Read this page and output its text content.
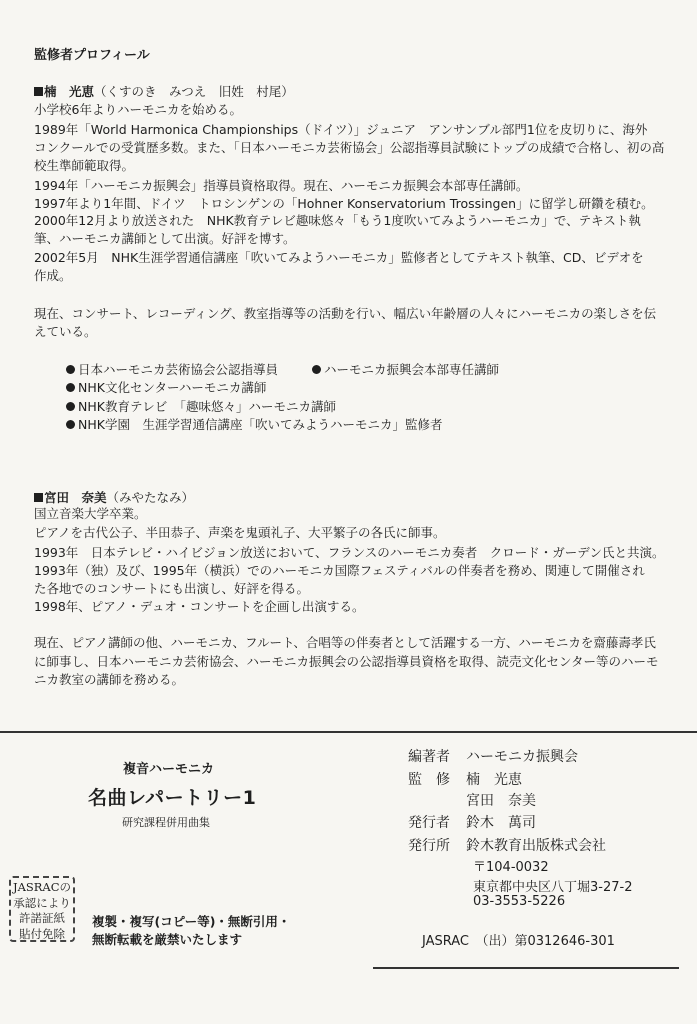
監修者プロフィール
楠　光恵（くすのき　みつえ　旧姓　村尾）
小学校6年よりハーモニカを始める。
1989年「World Harmonica Championships（ドイツ）」ジュニア　アンサンブル部門1位を皮切りに、海外
コンクールでの受賞歴多数。また、「日本ハーモニカ芸術協会」公認指導員試験にトップの成績で合格し、初の高
校生準師範取得。
1994年「ハーモニカ振興会」指導員資格取得。現在、ハーモニカ振興会本部専任講師。
1997年より1年間、ドイツ　トロシンゲンの「Hohner Konservatorium Trossingen」に留学し研鑽を積む。
2000年12月より放送された　NHK教育テレビ趣味悠々「もう1度吹いてみようハーモニカ」で、テキスト執
筆、ハーモニカ講師として出演。好評を博す。
2002年5月　NHK生涯学習通信講座「吹いてみようハーモニカ」監修者としてテキスト執筆、CD、ビデオを
作成。
現在、コンサート、レコーディング、教室指導等の活動を行い、幅広い年齢層の人々にハーモニカの楽しさを伝
えている。
日本ハーモニカ芸術協会公認指導員	ハーモニカ振興会本部専任講師
NHK文化センターハーモニカ講師
NHK教育テレビ　「趣味悠々」ハーモニカ講師
NHK学園　生涯学習通信講座「吹いてみようハーモニカ」監修者
宮田　奈美（みやたなみ）
国立音楽大学卒業。
ピアノを古代公子、半田恭子、声楽を鬼頭礼子、大平繁子の各氏に師事。
1993年　日本テレビ・ハイビジョン放送において、フランスのハーモニカ奏者　クロード・ガーデン氏と共演。
1993年（独）及び、1995年（横浜）でのハーモニカ国際フェスティバルの伴奏者を務め、関連して開催され
た各地でのコンサートにも出演し、好評を得る。
1998年、ピアノ・デュオ・コンサートを企画し出演する。
現在、ピアノ講師の他、ハーモニカ、フルート、合唱等の伴奏者として活躍する一方、ハーモニカを齋藤壽孝氏
に師事し、日本ハーモニカ芸術協会、ハーモニカ振興会の公認指導員資格を取得、読売文化センター等のハーモ
ニカ教室の講師を務める。
複音ハーモニカ
名曲レパートリー1
研究課程併用曲集
JASRACの
承認により
許諾証紙
貼付免除
複製・複写(コピー等)・無断引用・
無断転載を厳禁いたします
編著者 ハーモニカ振興会
監　修 楠　光恵
宮田　奈美
発行者 鈴木　萬司
発行所 鈴木教育出版株式会社
〒104-0032
東京都中央区八丁堀3-27-2
03-3553-5226
JASRAC　（出）第0312646-301
